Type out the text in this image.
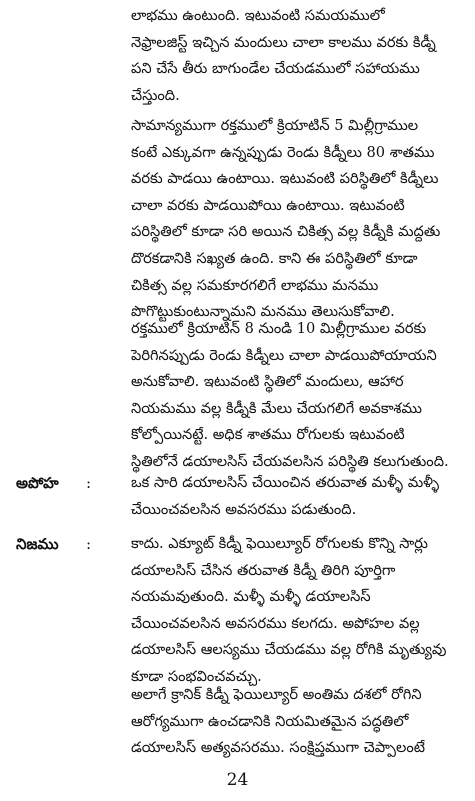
లాభము ఉంటుంది. ఇటువంటి సమయములో
నెఫ్రాలజిస్ట్ ఇచ్చిన మందులు చాలా కాలము వరకు కిడ్నీ
పని చేసే తీరు బాగుండేల చేయడములో సహాయము
చేస్తుంది.

సామాన్యముగా రక్తములో క్రియాటిన్ 5 మిల్లీగ్రాముల
కంటే ఎక్కువగా ఉన్నప్పుడు రెండు కిడ్నీలు 80 శాతము
వరకు పాడయి ఉంటాయి. ఇటువంటి పరిస్థితిలో కిడ్నీలు
చాలా వరకు పాడయిపోయి ఉంటాయి. ఇటువంటి
పరిస్థితిలో కూడా సరి అయిన చికిత్స వల్ల కిడ్నీకి మద్దతు
దొరకడానికి సఖ్యత ఉంది. కాని ఈ పరిస్థితిలో కూడా
చికిత్స వల్ల సమకూరగలిగే లాభము మనము
పొగొట్టుకుంటున్నామని మనము తెలుసుకోవాలి.

రక్తములో క్రియాటిన్ 8 నుండి 10 మిల్లీగ్రాముల వరకు
పెరిగినప్పుడు రెండు కిడ్నీలు చాలా పాడయిపోయాయని
అనుకోవాలి. ఇటువంటి స్థితిలో మందులు, ఆహార
నియమము వల్ల కిడ్నీకి మేలు చేయగలిగే అవకాశము
కోల్పోయినట్టే. అధిక శాతము రోగులకు ఇటువంటి
స్థితిలోనే డయాలసిస్ చేయవలసిన పరిస్థితి కలుగుతుంది.

అపోహ :	ఒక సారి డయాలసిస్ చేయించిన తరువాత మళ్ళీ మళ్ళీ
చేయించవలసిన అవసరము పడుతుంది.

నిజము :	కాదు. ఎక్యూట్ కిడ్నీ ఫెయిల్యూర్ రోగులకు కొన్ని సార్లు
డయాలసిస్ చేసిన తరువాత కిడ్నీ తిరిగి పూర్తిగా
నయమవుతుంది. మళ్ళీ మళ్ళీ డయాలసిస్
చేయించవలసిన అవసరము కలగదు. అపోహల వల్ల
డయాలసిస్ ఆలస్యము చేయడము వల్ల రోగికి మృత్యువు
కూడా సంభవించవచ్చు.

అలాగే క్రానిక్ కిడ్నీ ఫెయిల్యూర్ అంతిమ దశలో రోగిని
ఆరోగ్యముగా ఉంచడానికి నియమితమైన పద్ధతిలో
డయాలసిస్ అత్యవసరము. సంక్షిప్తముగా చెప్పాలంటే

24
